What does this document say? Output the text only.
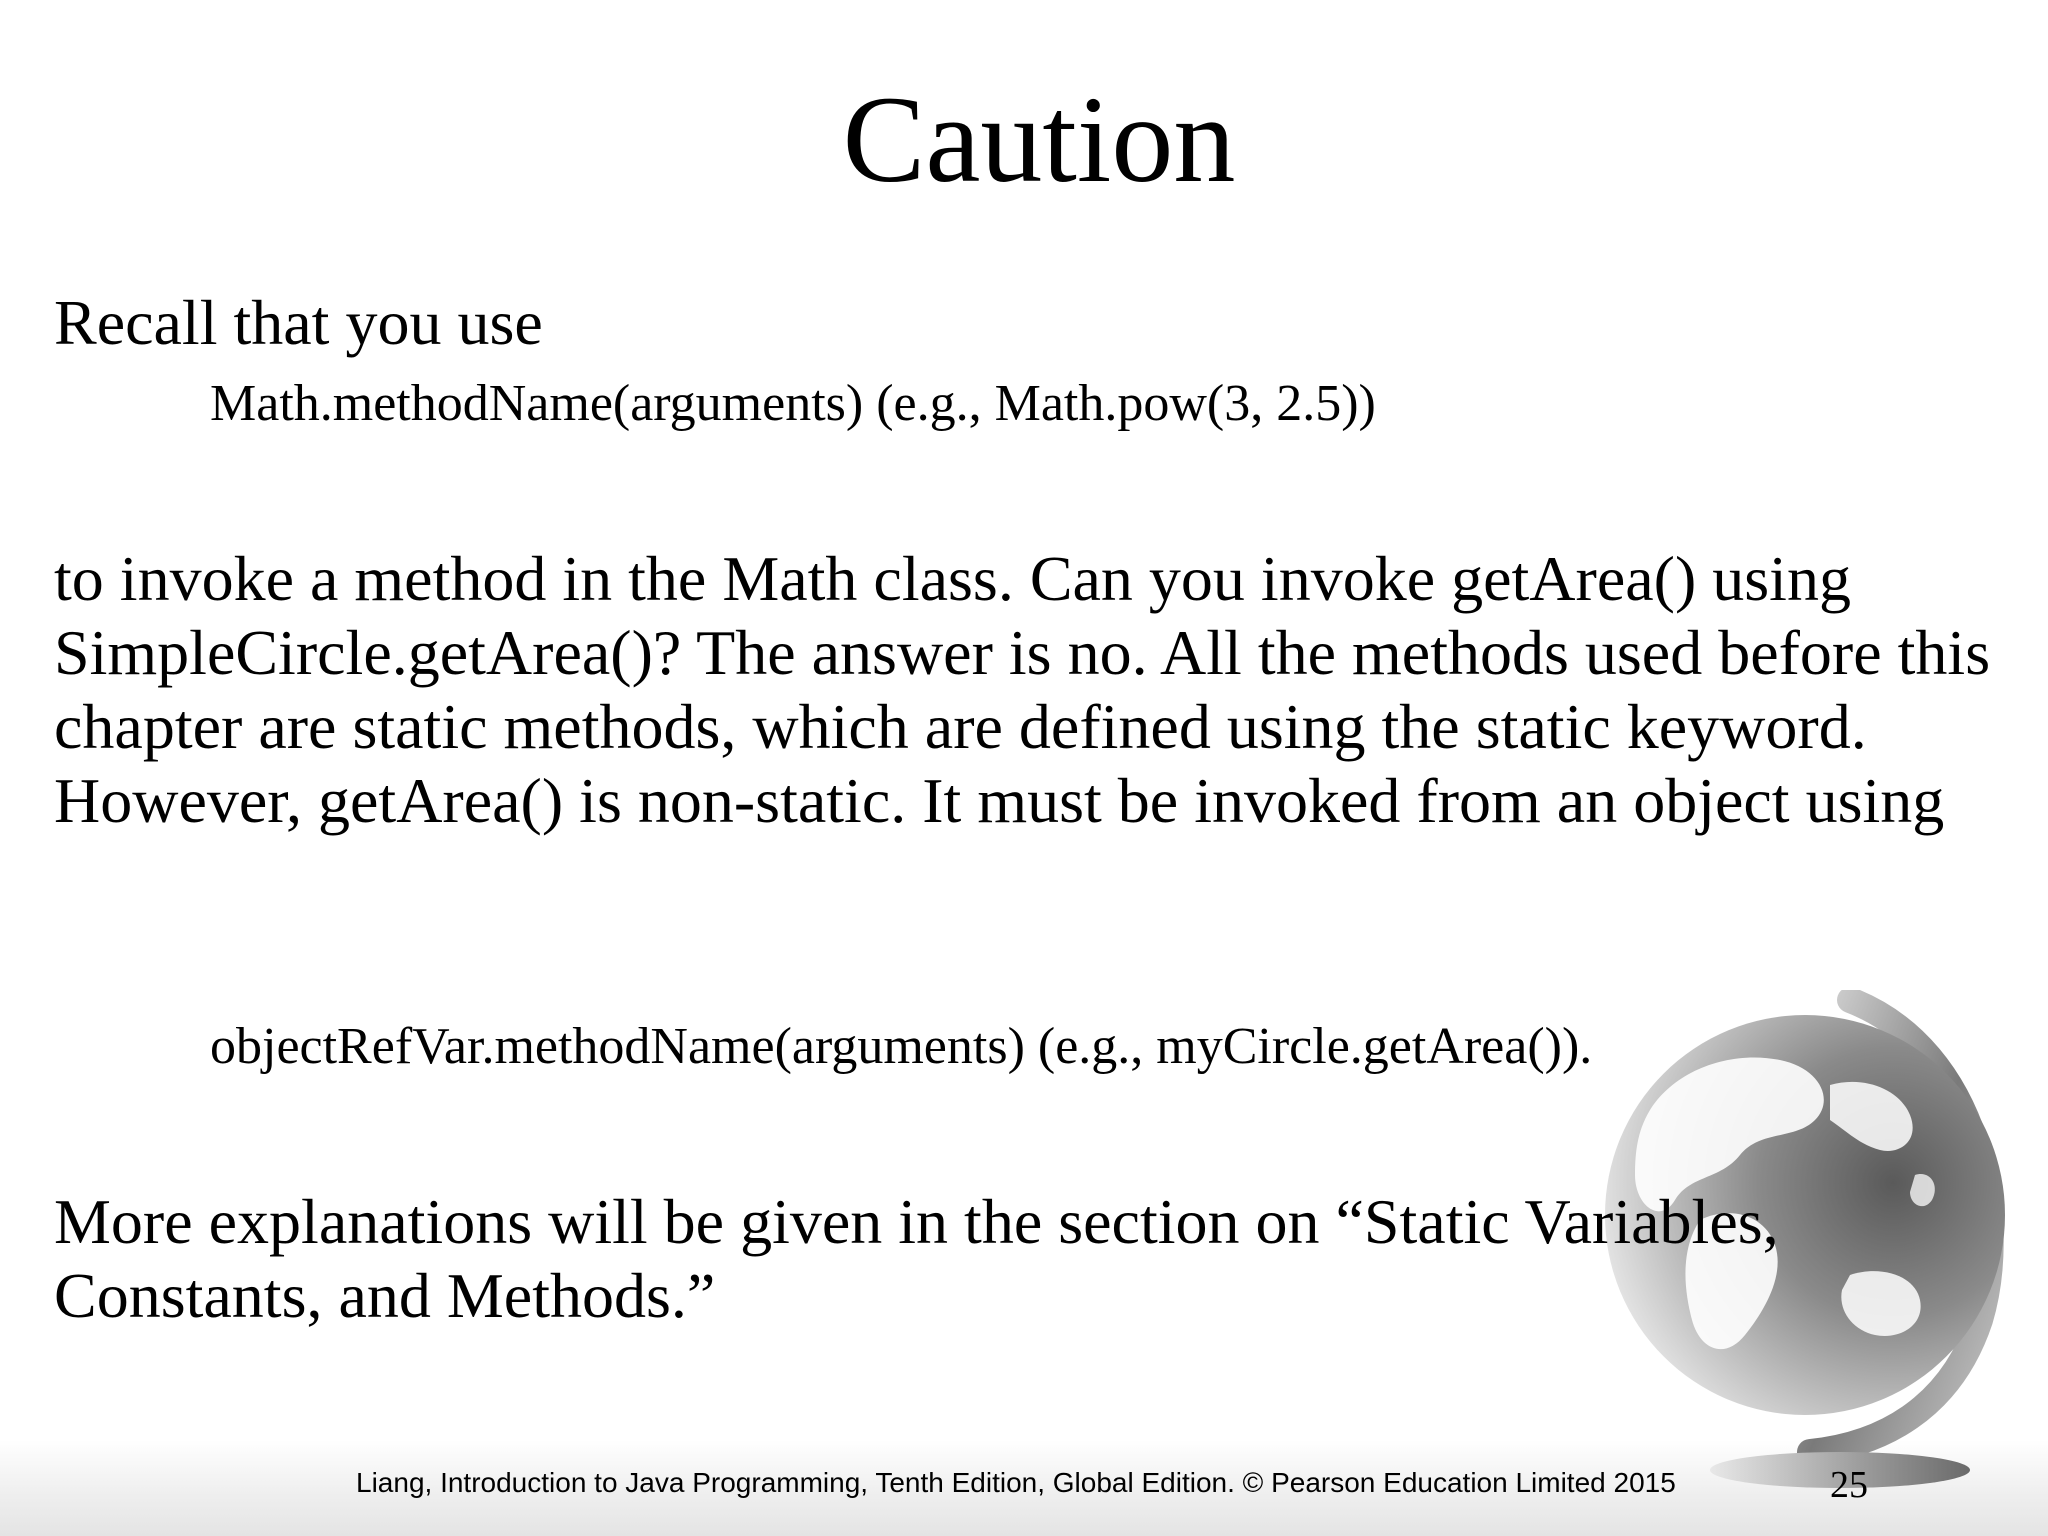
Caution
Recall that you use
Math.methodName(arguments) (e.g., Math.pow(3, 2.5))
to invoke a method in the Math class. Can you invoke getArea() using SimpleCircle.getArea()? The answer is no. All the methods used before this chapter are static methods, which are defined using the static keyword. However, getArea() is non-static. It must be invoked from an object using
objectRefVar.methodName(arguments) (e.g., myCircle.getArea()).
More explanations will be given in the section on “Static Variables, Constants, and Methods.”
Liang, Introduction to Java Programming, Tenth Edition, Global Edition. © Pearson Education Limited 2015	25
